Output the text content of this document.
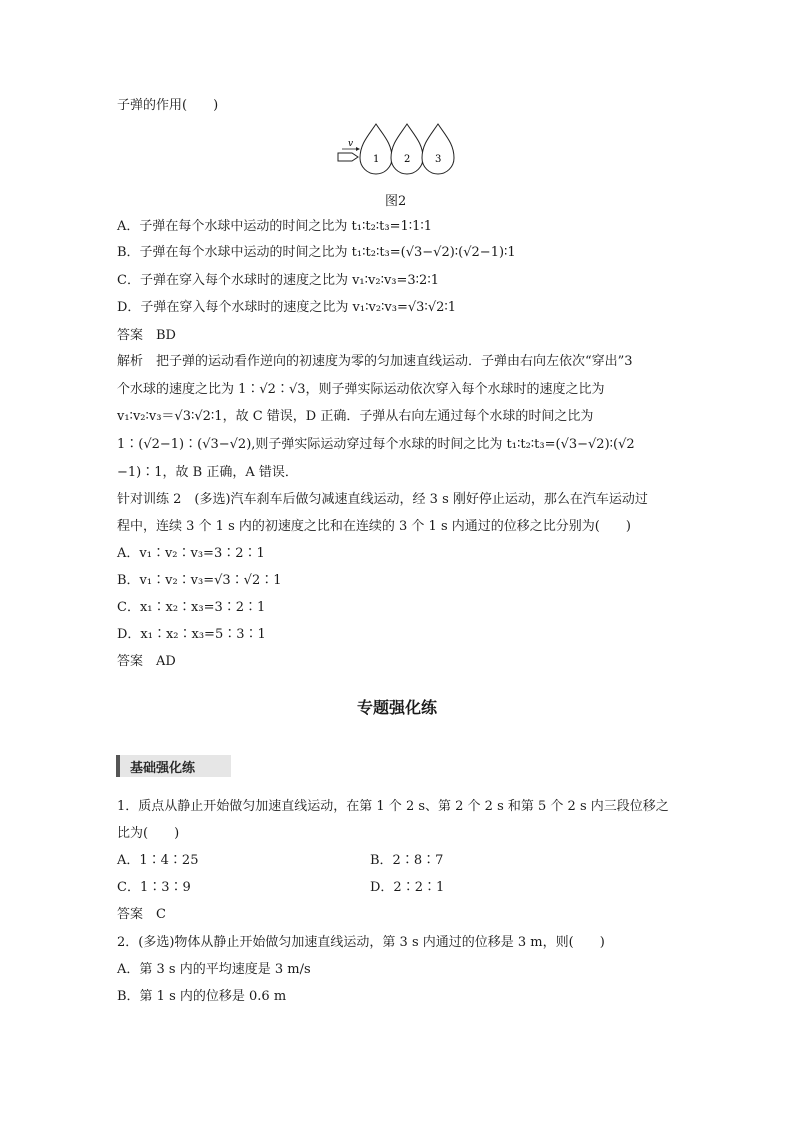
子弹的作用(　　)
v
1 2 3
图2
A．子弹在每个水球中运动的时间之比为 t₁∶t₂∶t₃=1∶1∶1
B．子弹在每个水球中运动的时间之比为 t₁∶t₂∶t₃=(√3−√2)∶(√2−1)∶1
C．子弹在穿入每个水球时的速度之比为 v₁∶v₂∶v₃=3∶2∶1
D．子弹在穿入每个水球时的速度之比为 v₁∶v₂∶v₃=√3∶√2∶1
答案　BD
解析　把子弹的运动看作逆向的初速度为零的匀加速直线运动．子弹由右向左依次“穿出”3
个水球的速度之比为 1∶√2∶√3，则子弹实际运动依次穿入每个水球时的速度之比为
v₁∶v₂∶v₃＝√3∶√2∶1，故 C 错误，D 正确．子弹从右向左通过每个水球的时间之比为
1∶(√2−1)∶(√3−√2),则子弹实际运动穿过每个水球的时间之比为 t₁∶t₂∶t₃=(√3−√2)∶(√2
−1)∶1，故 B 正确，A 错误．
针对训练 2　(多选)汽车刹车后做匀减速直线运动，经 3 s 刚好停止运动，那么在汽车运动过
程中，连续 3 个 1 s 内的初速度之比和在连续的 3 个 1 s 内通过的位移之比分别为(　　)
A．v₁∶v₂∶v₃=3∶2∶1
B．v₁∶v₂∶v₃=√3∶√2∶1
C．x₁∶x₂∶x₃=3∶2∶1
D．x₁∶x₂∶x₃=5∶3∶1
答案　AD
专题强化练
基础强化练
1．质点从静止开始做匀加速直线运动，在第 1 个 2 s、第 2 个 2 s 和第 5 个 2 s 内三段位移之
比为(　　)
A．1∶4∶25	B．2∶8∶7
C．1∶3∶9	D．2∶2∶1
答案　C
2．(多选)物体从静止开始做匀加速直线运动，第 3 s 内通过的位移是 3 m，则(　　)
A．第 3 s 内的平均速度是 3 m/s
B．第 1 s 内的位移是 0.6 m
